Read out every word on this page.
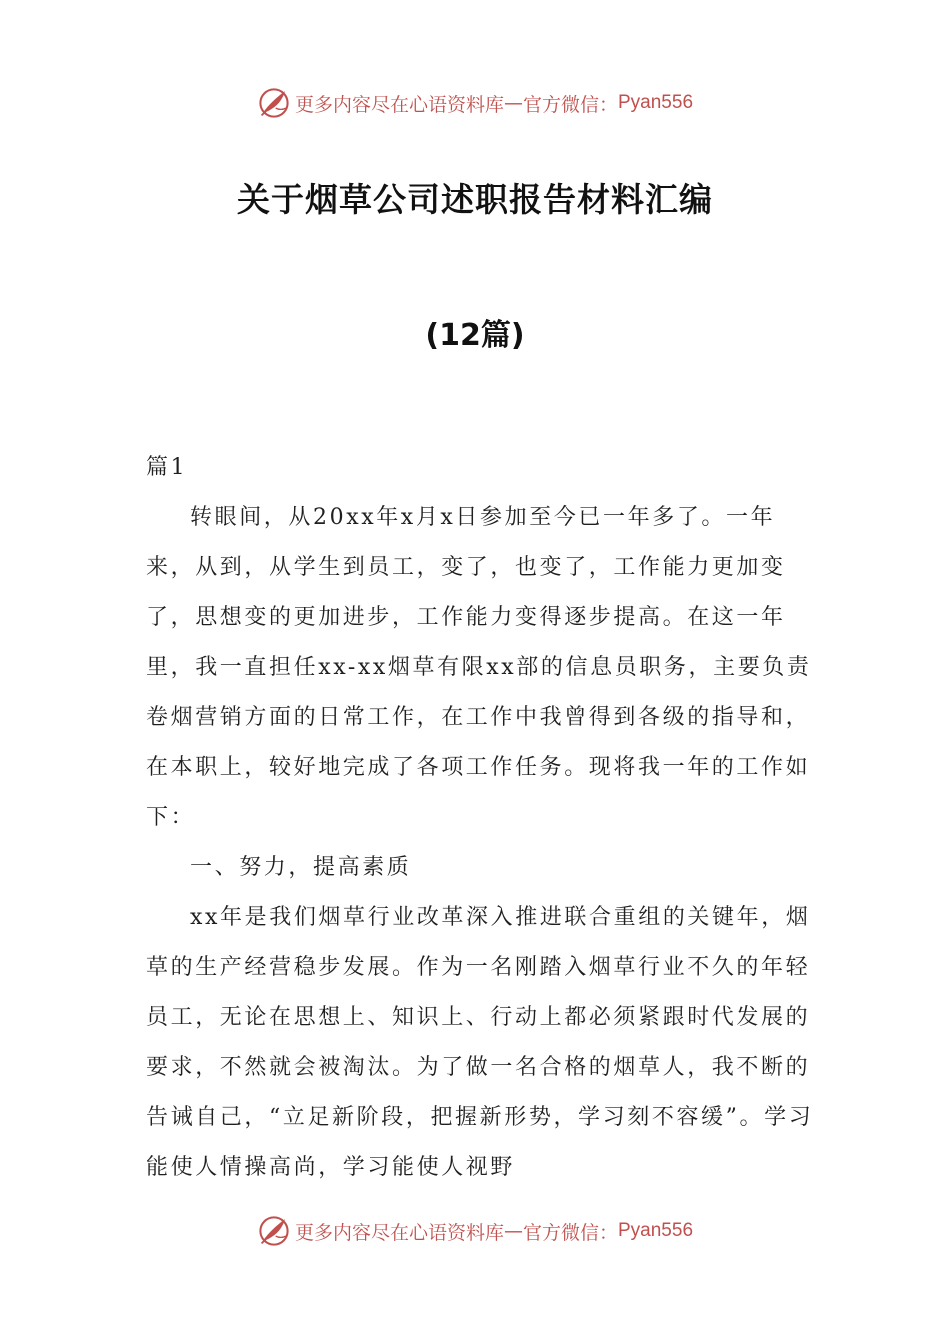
更多内容尽在心语资料库 — 官方微信： Pyan556
关于烟草公司述职报告材料汇编
(12篇)

篇1

转眼间，从20xx年x月x日参加至今已一年多了。一年来，从到，从学生到员工，变了，也变了，工作能力更加变了，思想变的更加进步，工作能力变得逐步提高。在这一年里，我一直担任xx-xx烟草有限xx部的信息员职务，主要负责卷烟营销方面的日常工作，在工作中我曾得到各级的指导和，在本职上，较好地完成了各项工作任务。现将我一年的工作如下：

一、努力，提高素质

xx年是我们烟草行业改革深入推进联合重组的关键年，烟草的生产经营稳步发展。作为一名刚踏入烟草行业不久的年轻员工，无论在思想上、知识上、行动上都必须紧跟时代发展的要求，不然就会被淘汰。为了做一名合格的烟草人，我不断的告诫自己，“立足新阶段，把握新形势，学习刻不容缓”。学习能使人情操高尚，学习能使人视野

更多内容尽在心语资料库 — 官方微信： Pyan556
